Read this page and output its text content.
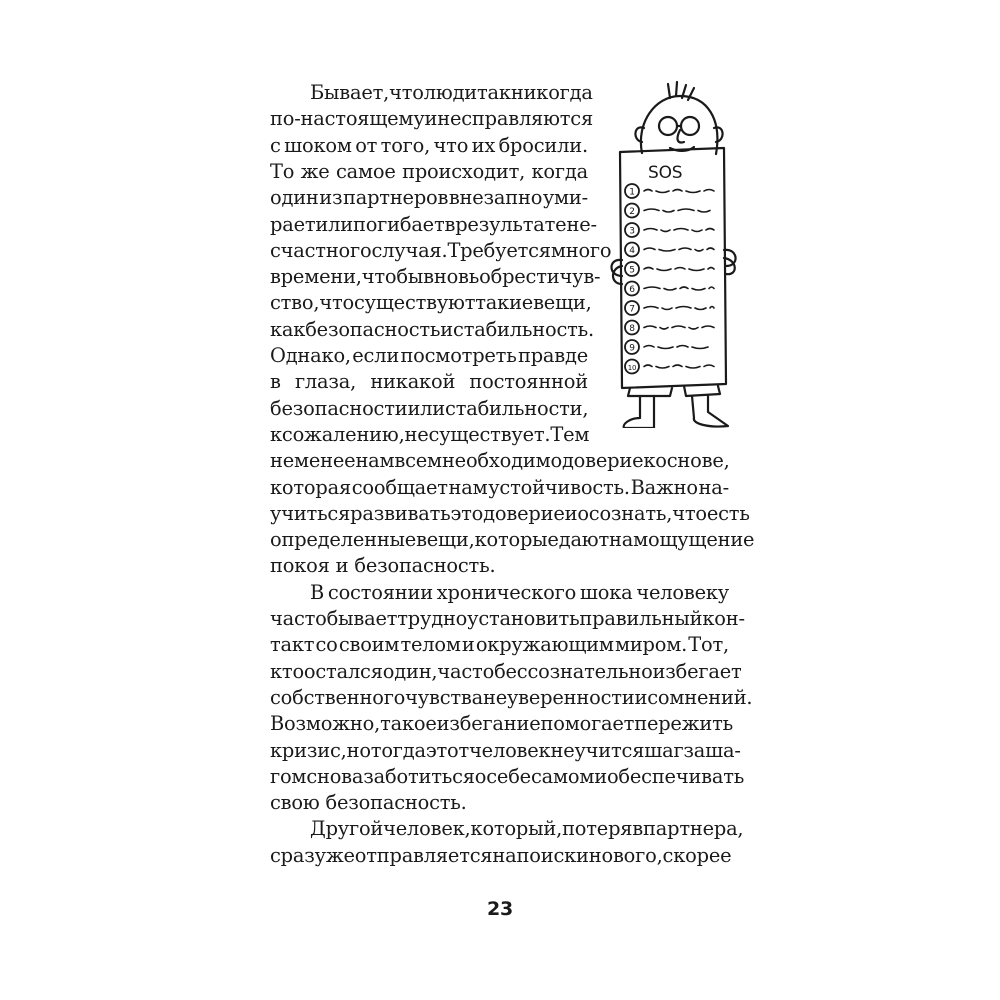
Бывает, что люди так никогда
по-настоящему и не справляются
с шоком от того, что их бросили.
То же самое происходит, когда
один из партнеров внезапно уми-
рает или погибает в результате не-
счастного случая. Требуется много
времени, чтобы вновь обрести чув-
ство, что существуют такие вещи,
как безопасность и стабильность.
Однако, если посмотреть правде
в глаза, никакой постоянной
безопасности или стабильности,
к сожалению, не существует. Тем
не менее нам всем необходимо доверие к основе,
которая сообщает нам устойчивость. Важно на-
учиться развивать это доверие и осознать, что есть
определенные вещи, которые дают нам ощущение
покоя и безопасность.
В состоянии хронического шока человеку
часто бывает трудно установить правильный кон-
такт со своим телом и окружающим миром. Тот,
кто остался один, часто бессознательно избегает
собственного чувства неуверенности и сомнений.
Возможно, такое избегание помогает пережить
кризис, но тогда этот человек не учится шаг за ша-
гом снова заботиться о себе самом и обеспечивать
свою безопасность.
Другой человек, который, потеряв партнера,
сразу же отправляется на поиски нового, скорее
SOS
1
2
3
4
5
6
7
8
9
10
23
